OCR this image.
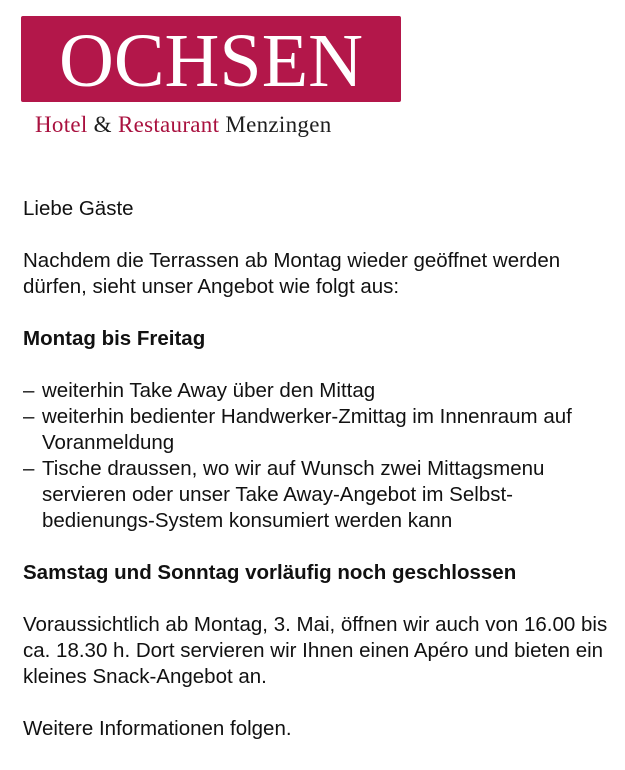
OCHSEN
Hotel & Restaurant Menzingen

Liebe Gäste

Nachdem die Terrassen ab Montag wieder geöffnet werden dürfen, sieht unser Angebot wie folgt aus:

Montag bis Freitag

– weiterhin Take Away über den Mittag
– weiterhin bedienter Handwerker-Zmittag im Innenraum auf Voranmeldung
– Tische draussen, wo wir auf Wunsch zwei Mittagsmenu servieren oder unser Take Away-Angebot im Selbst-bedienungs-System konsumiert werden kann

Samstag und Sonntag vorläufig noch geschlossen

Voraussichtlich ab Montag, 3. Mai, öffnen wir auch von 16.00 bis ca. 18.30 h. Dort servieren wir Ihnen einen Apéro und bieten ein kleines Snack-Angebot an.

Weitere Informationen folgen.
